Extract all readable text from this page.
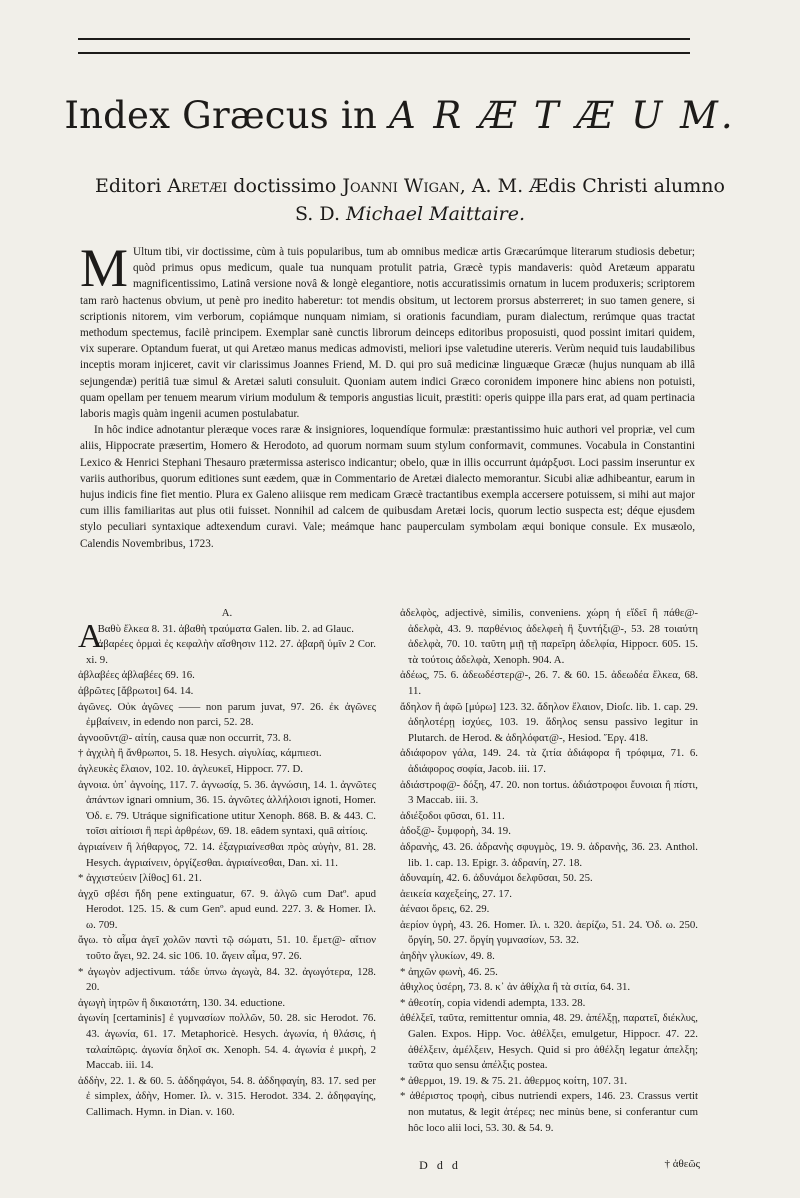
Index Græcus in A R Æ T Æ U M.
Editori Aretæi doctissimo Joanni Wigan, A. M. Ædis Christi alumno
S. D. Michael Maittaire.

M Ultum tibi, vir doctissime, cùm à tuis popularibus, tum ab omnibus medicæ artis Græcarúmque literarum studiosis debetur; quòd primus opus medicum, quale tua nunquam protulit patria, Græcè typis mandaveris: quòd Aretæum apparatu magnificentissimo, Latinâ versione novâ & longè elegantiore, notis accuratissimis ornatum in lucem produxeris; scriptorem tam rarò hactenus obvium, ut penè pro inedito haberetur: tot mendis obsitum, ut lectorem prorsus absterreret; in suo tamen genere, si scriptionis nitorem, vim verborum, copiámque nunquam nimiam, si orationis facundiam, puram dialectum, rerúmque quas tractat methodum spectemus, facilè principem. Exemplar sanè cunctis librorum deinceps editoribus proposuisti, quod possint imitari quidem, vix superare. Optandum fuerat, ut qui Aretæo manus medicas admovisti, meliori ipse valetudine utereris. Verùm nequid tuis laudabilibus inceptis moram injiceret, cavit vir clarissimus Joannes Friend, M. D. qui pro suâ medicinæ linguæque Græcæ (hujus nunquam ab illâ sejungendæ) peritiâ tuæ simul & Aretæi saluti consuluit. Quoniam autem indici Græco coronidem imponere hinc abiens non potuisti, quam opellam per tenuem mearum virium modulum & temporis angustias licuit, præstiti: operis quippe illa pars erat, ad quam pertinacia laboris magìs quàm ingenii acumen postulabatur.

In hôc indice adnotantur pleræque voces raræ & insigniores, loquendíque formulæ: præstantissimo huic authori vel propriæ, vel cum aliis, Hippocrate præsertim, Homero & Herodoto, ad quorum normam suum stylum conformavit, communes. Vocabula in Constantini Lexico & Henrici Stephani Thesauro prætermissa asterisco indicantur; obelo, quæ in illis occurrunt ἀμάρξυσι. Loci passim inseruntur ex variis authoribus, quorum editiones sunt eædem, quæ in Commentario de Aretæi dialecto memorantur. Sicubi aliæ adhibeantur, earum in hujus indicis fine fiet mentio. Plura ex Galeno aliisque rem medicam Græcè tractantibus exempla accersere potuissem, si mihi aut major cum illis familiaritas aut plus otii fuisset. Nonnihil ad calcem de quibusdam Aretæi locis, quorum lectio suspecta est; déque ejusdem stylo peculiari syntaxique adtexendum curavi. Vale; meámque hanc pauperculam symbolam æqui bonique consule. Ex musæolo, Calendis Novembribus, 1723.

A.

A
Βαθὺ ἔλκεα 8. 31. ἀβαθὴ τραύματα Galen. lib. 2. ad Glauc.

ἀβαρέες ὁρμαὶ ἐς κεφαλὴν αἴσθησιν 112. 27. ἀβαρῆ ὑμῖν 2 Cor. xi. 9.

ἀβλαβέες ἀβλαβέες 69. 16.

ἀβρῶτες [ἄβρωτοι] 64. 14.

ἀγῶνες. Οὐκ ἀγῶνες —— non parum juvat, 97. 26. ἐκ ἀγῶνες ἐμβαίνειν, in edendo non parci, 52. 28.

ἀγνοοῦντ@- αἰτίη, causa quæ non occurrit, 73. 8.

† ἀγχιλὴ ἢ ἄνθρωποι, 5. 18. Hesych. αἰγυλίας, κάμπιεσι.

ἀγλευκὲς ἔλαιον, 102. 10. ἀγλευκεῖ, Hippocr. 77. D.

ἀγνοια. ὑπ᾽ ἀγνοίης, 117. 7. ἀγνωσίᾳ, 5. 36. ἀγνώσιη, 14. 1. ἀγνῶτες ἀπάντων ignari omnium, 36. 15. ἀγνῶτες ἀλλήλοισι ignoti, Homer. Ὀδ. ε. 79. Utráque significatione utitur Xenoph. 868. B. & 443. C. τοῖσι αἰτίοισι ἢ περὶ ἀρθρέων, 69. 18. eâdem syntaxi, quâ αἰτίοις.

ἀγριαίνειν ἢ λήθαργος, 72. 14. ἐξαγριαίνεσθαι πρὸς αὐγὴν, 81. 28. Hesych. ἀγριαίνειν, ὀργίζεσθαι. ἀγριαίνεσθαι, Dan. xi. 11.

* ἀγχιστεύειν [λίθος] 61. 21.

ἀγχῦ σβέσι ἤδη pene extinguatur, 67. 9. ἀλγῶ cum Datº. apud Herodot. 125. 15. & cum Genº. apud eund. 227. 3. & Homer. Ιλ. ω. 709.

ἄγω. τὸ αἷμα ἀγεῖ χολῶν παντὶ τῷ σώματι, 51. 10. ἔμετ@- αἴτιον τοῦτο ἄγει, 92. 24. sic 106. 10. ἄγειν αἷμα, 97. 26.

* ἀγωγὸν adjectivum. τάδε ὑπνω ἀγωγὰ, 84. 32. ἀγωγότερα, 128. 20.

ἀγωγὴ ἰητρῶν ἢ δικαιοτάτη, 130. 34. eductione.

ἀγωνίη [certaminis] ἐ γυμνασίων πολλῶν, 50. 28. sic Herodot. 76. 43. ἀγωνία, 61. 17. Metaphoricè. Hesych. ἀγωνία, ἡ θλάσις, ἡ ταλαίπῶρις. ἀγωνία δηλοῖ σκ. Xenoph. 54. 4. ἀγωνία ἐ μικρὴ, 2 Maccab. iii. 14.

ἀδδὴν, 22. 1. & 60. 5. ἀδδηφάγοι, 54. 8. ἀδδηφαγίη, 83. 17. sed per ἐ simplex, ἀδὴν, Homer. Ιλ. ν. 315. Herodot. 334. 2. ἀδηφαγίης, Callimach. Hymn. in Dian. v. 160.

ἀδελφὸς, adjectivè, similis, conveniens. χώρη ἡ εἴδεῖ ἢ πάθε@- ἀδελφὰ, 43. 9. παρθένιος ἀδελφεὴ ἢ ξυντήξι@-, 53. 28 τοιαύτη ἀδελφὰ, 70. 10. ταῦτη μιῇ τῇ παρεῖρη ἀδελφία, Hippocr. 605. 15. τὰ τούτοις ἀδελφὰ, Xenoph. 904. A.

ἀδέως, 75. 6. ἀδεωδέστερ@-, 26. 7. & 60. 15. ἀδεωδέα ἔλκεα, 68. 11.

ἄδηλον ἢ ἀφῶ [μύρω] 123. 32. ἄδηλον ἔλαιον, Dioſc. lib. 1. cap. 29. ἀδηλοτέρῃ ἰσχύες, 103. 19. ἄδηλος sensu passivo legitur in Plutarch. de Herod. & ἀδηλόφατ@-, Hesiod. Ἔργ. 418.

ἀδιάφορον γάλα, 149. 24. τὰ ζιτία ἀδιάφορα ἢ τρόφιμα, 71. 6. ἀδιάφορος σοφία, Jacob. iii. 17.

ἀδιάστροφ@- δόξη, 47. 20. non tortus. ἀδιάστροφοι ἔυνοιαι ἢ πίστι, 3 Maccab. iii. 3.

ἀδιέξοδοι φῦσαι, 61. 11.

ἀδοξ@- ξυμφορὴ, 34. 19.

ἀδρανὴς, 43. 26. ἀδρανὴς σφυγμὸς, 19. 9. ἀδρανὴς, 36. 23. Anthol. lib. 1. cap. 13. Epigr. 3. ἀδρανίη, 27. 18.

ἀδυναμίη, 42. 6. ἀδυνάμοι δελφῦσαι, 50. 25.

ἀεικεία καχεξείης, 27. 17.

ἀέναοι ὄρεις, 62. 29.

ἀερίον ὑγρὴ, 43. 26. Homer. Ιλ. ι. 320. ἀερίζω, 51. 24. Ὀδ. ω. 250. ὄργίη, 50. 27. ὄργίη γυμνασίων, 53. 32.

ἀηδὴν γλυκίων, 49. 8.

* ἀηχῶν φωνὴ, 46. 25.

ἀθιχλος ὑσέρη, 73. 8. κ᾽ ἀν ἀθίχλα ἢ τὰ σιτία, 64. 31.

* ἀθεοτίη, copia videndi adempta, 133. 28.

ἀθέλξεῖ, ταῦτα, remittentur omnia, 48. 29. ἀπέλξῃ, παρατεῖ, διέκλυς, Galen. Expos. Hipp. Voc. ἀθέλξει, emulgetur, Hippocr. 47. 22. ἀθέλξειν, ἀμέλξειν, Hesych. Quid si pro ἀθέλξη legatur ἀπελξη; ταῦτα quo sensu ἀπέλξις postea.

* ἀθερμοι, 19. 19. & 75. 21. ἀθερμος κοίτη, 107. 31.

* ἀθέριστος τροφὴ, cibus nutriendi expers, 146. 23. Crassus vertit non mutatus, & legit ἀτέρες; nec minùs bene, si conferantur cum hôc loco alii loci, 53. 30. & 54. 9.

D d d	† ἀθεῶς
